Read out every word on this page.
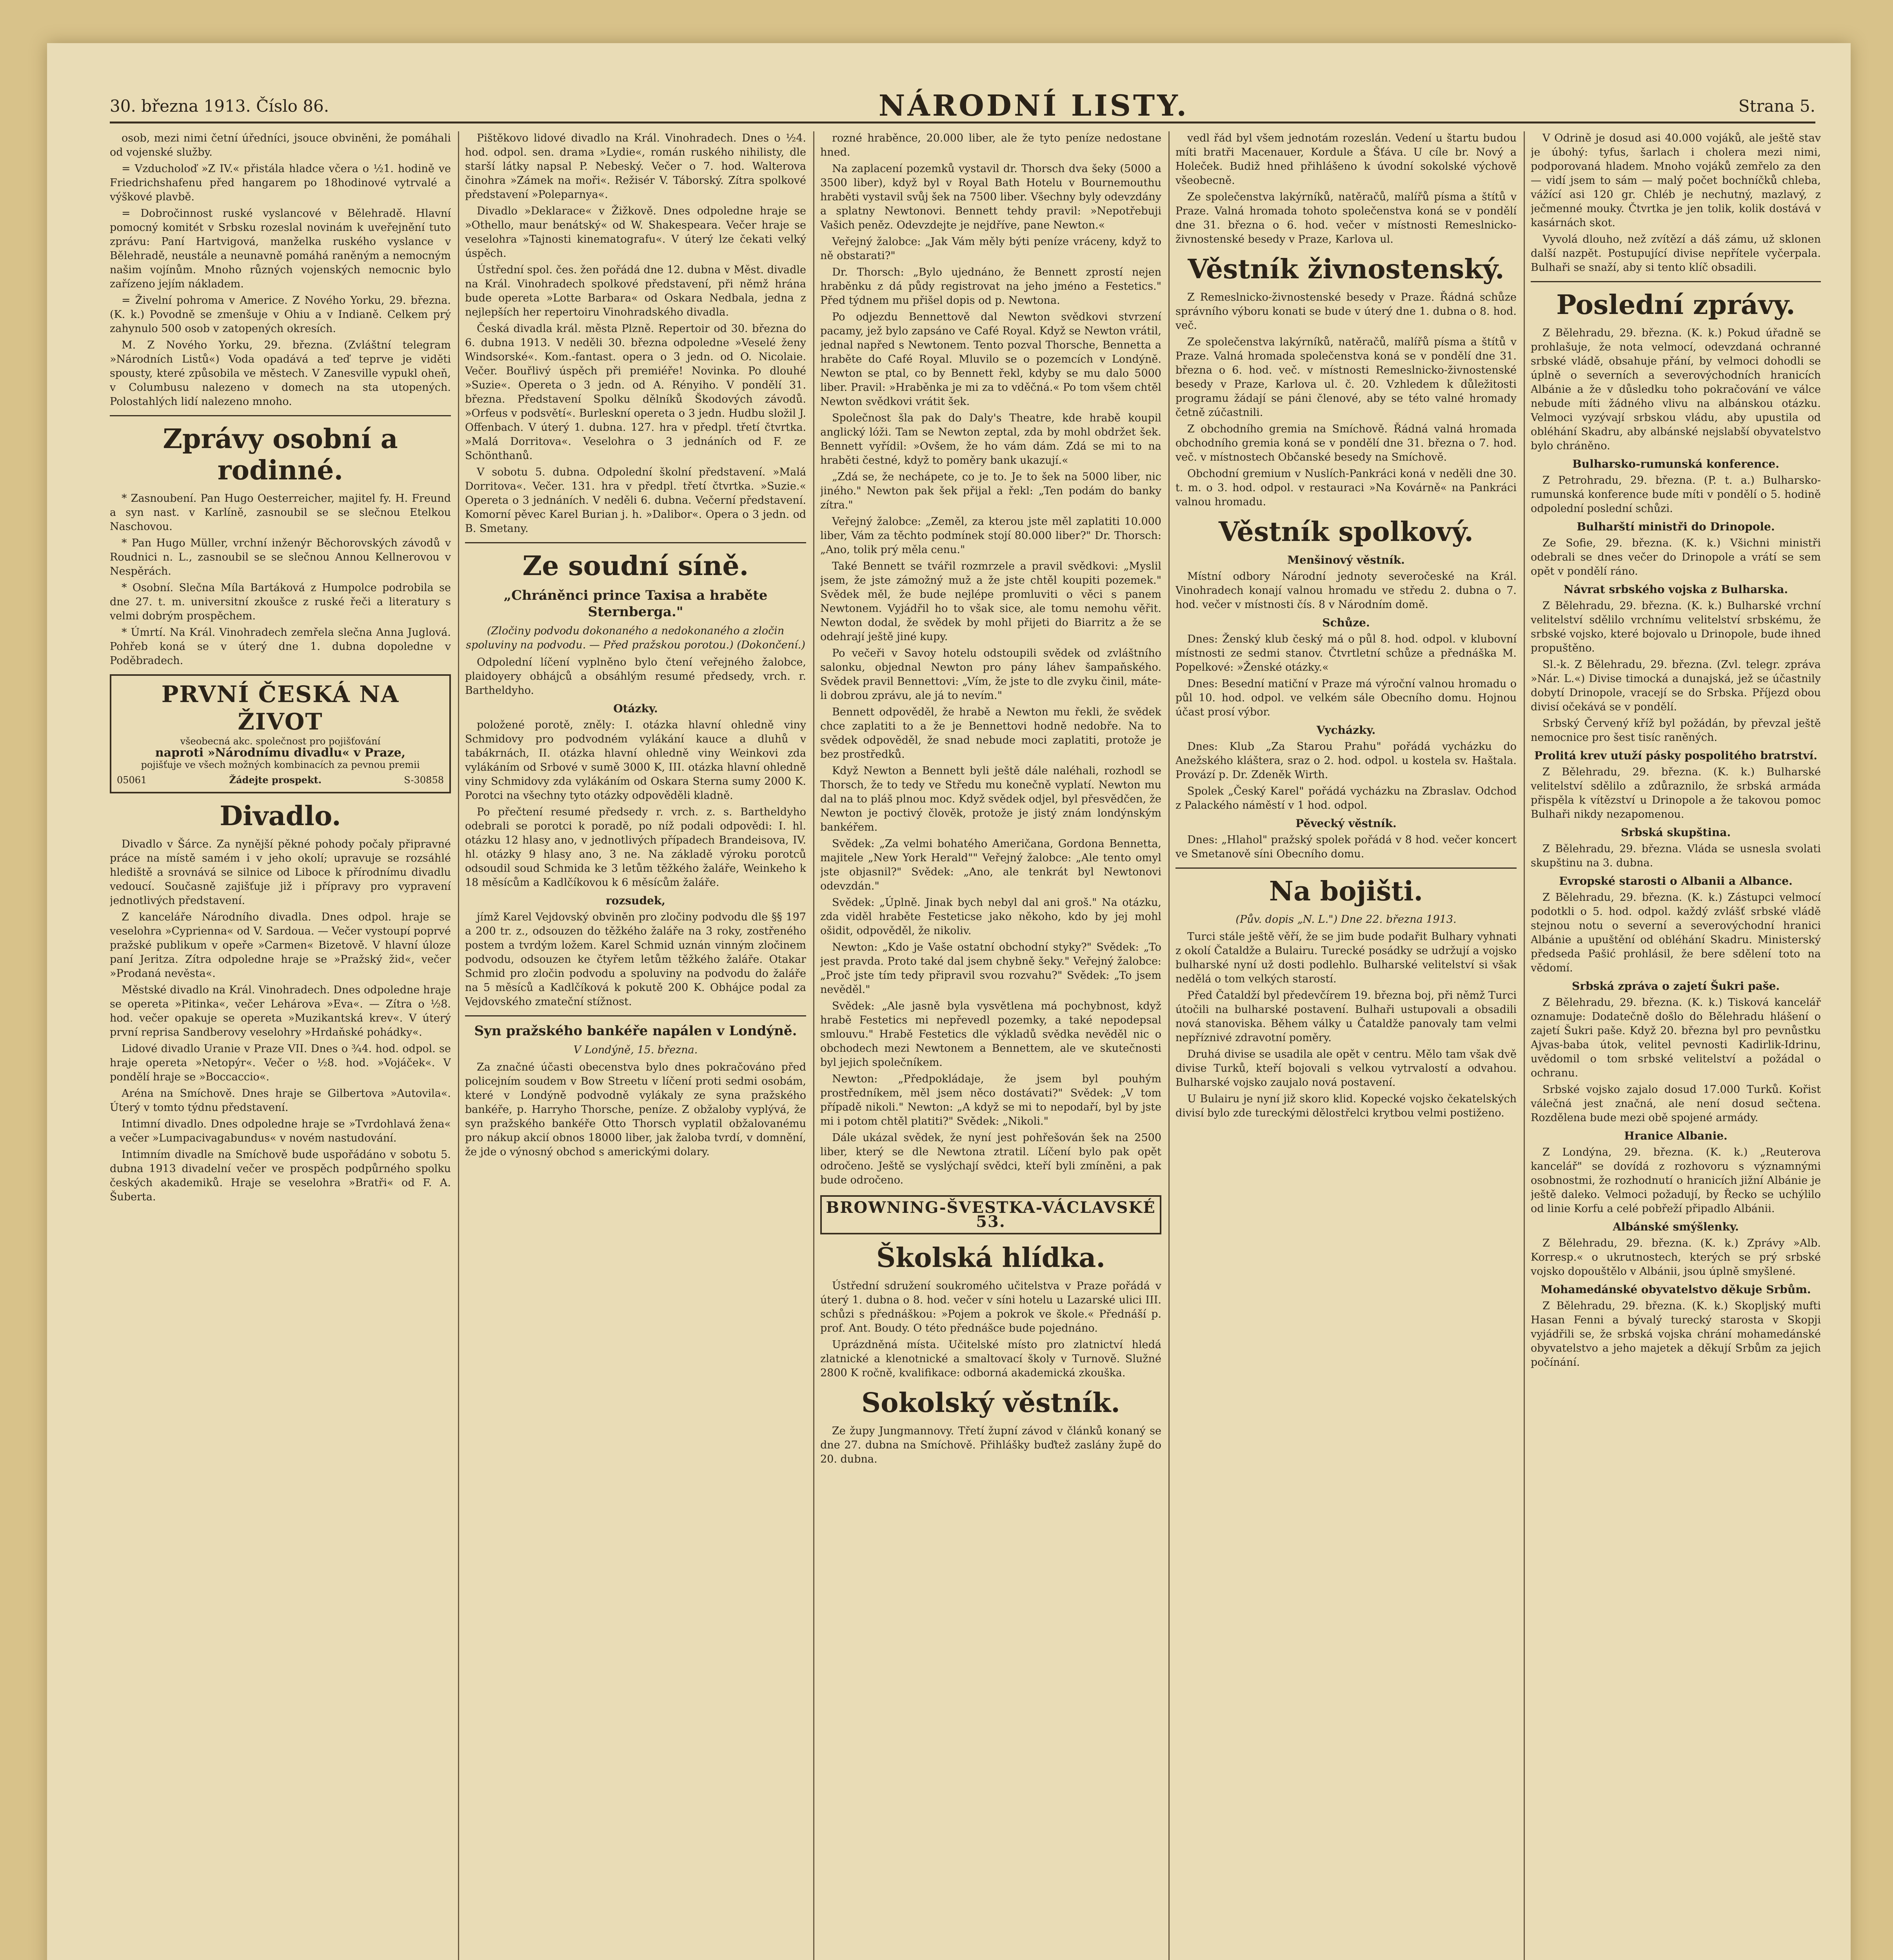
30. března 1913. Číslo 86.	NÁRODNÍ LISTY.	Strana 5.

osob, mezi nimi četní úředníci, jsouce obviněni, že pomáhali od vojenské služby.

= Vzducholoď »Z IV.« přistála hladce včera o ½1. hodině ve Friedrichshafenu před hangarem po 18hodinové vytrvalé a výškové plavbě.

= Dobročinnost ruské vyslancové v Bělehradě. Hlavní pomocný komitét v Srbsku rozeslal novinám k uveřejnění tuto zprávu: Paní Hartvigová, manželka ruského vyslance v Bělehradě, neustále a neunavně pomáhá raněným a nemocným našim vojínům. Mnoho různých vojenských nemocnic bylo zařízeno jejím nákladem.

= Živelní pohroma v Americe. Z Nového Yorku, 29. března. (K. k.) Povodně se zmenšuje v Ohiu a v Indianě. Celkem prý zahynulo 500 osob v zatopených okresích.

M. Z Nového Yorku, 29. března. (Zvláštní telegram »Národních Listů«) Voda opadává a teď teprve je viděti spousty, které způsobila ve městech. V Zanesville vypukl oheň, v Columbusu nalezeno v domech na sta utopených. Polostahlých lidí nalezeno mnoho.

Zprávy osobní a rodinné.

* Zasnoubení. Pan Hugo Oesterreicher, majitel fy. H. Freund a syn nast. v Karlíně, zasnoubil se se slečnou Etelkou Naschovou.

* Pan Hugo Müller, vrchní inženýr Běchorovských závodů v Roudnici n. L., zasnoubil se se slečnou Annou Kellnerovou v Nespěrách.

* Osobní. Slečna Míla Bartáková z Humpolce podrobila se dne 27. t. m. universitní zkoušce z ruské řeči a literatury s velmi dobrým prospěchem.

* Úmrtí. Na Král. Vinohradech zemřela slečna Anna Juglová. Pohřeb koná se v úterý dne 1. dubna dopoledne v Poděbradech.

PRVNÍ ČESKÁ NA ŽIVOT
všeobecná akc. společnost pro pojišťování
naproti »Národnímu divadlu« v Praze,
pojišťuje ve všech možných kombinacích za pevnou premii
05061	Žádejte prospekt.	S-30858
Divadlo.

Divadlo v Šárce. Za nynější pěkné pohody počaly připravné práce na místě samém i v jeho okolí; upravuje se rozsáhlé hlediště a srovnává se silnice od Liboce k přírodnímu divadlu vedoucí. Současně zajišťuje již i přípravy pro vypravení jednotlivých představení.

Z kanceláře Národního divadla. Dnes odpol. hraje se veselohra »Cyprienna« od V. Sardoua. — Večer vystoupí poprvé pražské publikum v opeře »Carmen« Bizetově. V hlavní úloze paní Jeritza. Zítra odpoledne hraje se »Pražský žid«, večer »Prodaná nevěsta«.

Městské divadlo na Král. Vinohradech. Dnes odpoledne hraje se opereta »Pitinka«, večer Lehárova »Eva«. — Zítra o ½8. hod. večer opakuje se opereta »Muzikantská krev«. V úterý první reprisa Sandberovy veselohry »Hrdaňské pohádky«.

Lidové divadlo Uranie v Praze VII. Dnes o ¾4. hod. odpol. se hraje opereta »Netopýr«. Večer o ½8. hod. »Vojáček«. V pondělí hraje se »Boccaccio«.

Aréna na Smíchově. Dnes hraje se Gilbertova »Autovila«. Úterý v tomto týdnu představení.

Intimní divadlo. Dnes odpoledne hraje se »Tvrdohlavá žena« a večer »Lumpacivagabundus« v novém nastudování.

Intimním divadle na Smíchově bude uspořádáno v sobotu 5. dubna 1913 divadelní večer ve prospěch podpůrného spolku českých akademiků. Hraje se veselohra »Bratři« od F. A. Šuberta.

Pištěkovo lidové divadlo na Král. Vinohradech. Dnes o ½4. hod. odpol. sen. drama »Lydie«, román ruského nihilisty, dle starší látky napsal P. Nebeský. Večer o 7. hod. Walterova činohra »Zámek na moři«. Režisér V. Táborský. Zítra spolkové představení »Poleparnya«.

Divadlo »Deklarace« v Žižkově. Dnes odpoledne hraje se »Othello, maur benátský« od W. Shakespeara. Večer hraje se veselohra »Tajnosti kinematografu«. V úterý lze čekati velký úspěch.

Ústřední spol. čes. žen pořádá dne 12. dubna v Měst. divadle na Král. Vinohradech spolkové představení, při němž hrána bude opereta »Lotte Barbara« od Oskara Nedbala, jedna z nejlepších her repertoiru Vinohradského divadla.

Česká divadla král. města Plzně. Repertoir od 30. března do 6. dubna 1913. V neděli 30. března odpoledne »Veselé ženy Windsorské«. Kom.-fantast. opera o 3 jedn. od O. Nicolaie. Večer. Bouřlivý úspěch při premiéře! Novinka. Po dlouhé »Suzie«. Opereta o 3 jedn. od A. Rényiho. V pondělí 31. března. Představení Spolku dělníků Škodových závodů. »Orfeus v podsvětí«. Burleskní opereta o 3 jedn. Hudbu složil J. Offenbach. V úterý 1. dubna. 127. hra v předpl. třetí čtvrtka. »Malá Dorritova«. Veselohra o 3 jednáních od F. ze Schönthanů.

V sobotu 5. dubna. Odpolední školní představení. »Malá Dorritova«. Večer. 131. hra v předpl. třetí čtvrtka. »Suzie.« Opereta o 3 jednáních. V neděli 6. dubna. Večerní představení. Komorní pěvec Karel Burian j. h. »Dalibor«. Opera o 3 jedn. od B. Smetany.

Ze soudní síně.
„Chráněnci prince Taxisa a hraběte Sternberga."
(Zločiny podvodu dokonaného a nedokonaného a zločin spoluviny na podvodu. — Před pražskou porotou.) (Dokončení.)

Odpolední líčení vyplněno bylo čtení veřejného žalobce, plaidoyery obhájců a obsáhlým resumé předsedy, vrch. r. Bartheldyho.

Otázky.

položené porotě, zněly: I. otázka hlavní ohledně viny Schmidovy pro podvodném vylákání kauce a dluhů v tabákrnách, II. otázka hlavní ohledně viny Weinkovi zda vylákáním od Srbové v sumě 3000 K, III. otázka hlavní ohledně viny Schmidovy zda vylákáním od Oskara Sterna sumy 2000 K. Porotci na všechny tyto otázky odpověděli kladně.

Po přečtení resumé předsedy r. vrch. z. s. Bartheldyho odebrali se porotci k poradě, po níž podali odpovědi: I. hl. otázku 12 hlasy ano, v jednotlivých případech Brandeisova, IV. hl. otázky 9 hlasy ano, 3 ne. Na základě výroku porotců odsoudil soud Schmida ke 3 letům těžkého žaláře, Weinkeho k 18 měsícům a Kadlčíkovou k 6 měsícům žaláře.

rozsudek,

jímž Karel Vejdovský obviněn pro zločiny podvodu dle §§ 197 a 200 tr. z., odsouzen do těžkého žaláře na 3 roky, zostřeného postem a tvrdým ložem. Karel Schmid uznán vinným zločinem podvodu, odsouzen ke čtyřem letům těžkého žaláře. Otakar Schmid pro zločin podvodu a spoluviny na podvodu do žaláře na 5 měsíců a Kadlčíková k pokutě 200 K. Obhájce podal za Vejdovského zmateční stížnost.

Syn pražského bankéře napálen v Londýně.
V Londýně, 15. března.

Za značné účasti obecenstva bylo dnes pokračováno před policejním soudem v Bow Streetu v líčení proti sedmi osobám, které v Londýně podvodně vylákaly ze syna pražského bankéře, p. Harryho Thorsche, peníze. Z obžaloby vyplývá, že syn pražského bankéře Otto Thorsch vyplatil obžalovanému pro nákup akcií obnos 18000 liber, jak žaloba tvrdí, v domnění, že jde o výnosný obchod s americkými dolary.

rozné hraběnce, 20.000 liber, ale že tyto peníze nedostane hned.

Na zaplacení pozemků vystavil dr. Thorsch dva šeky (5000 a 3500 liber), když byl v Royal Bath Hotelu v Bournemouthu hraběti vystavil svůj šek na 7500 liber. Všechny byly odevzdány a splatny Newtonovi. Bennett tehdy pravil: »Nepotřebuji Vašich peněz. Odevzdejte je nejdříve, pane Newton.«

Veřejný žalobce: „Jak Vám měly býti peníze vráceny, když to ně obstarati?"

Dr. Thorsch: „Bylo ujednáno, že Bennett zprostí nejen hraběnku z dá půdy registrovat na jeho jméno a Festetics." Před týdnem mu přišel dopis od p. Newtona.

Po odjezdu Bennettově dal Newton svědkovi stvrzení pacamy, jež bylo zapsáno ve Café Royal. Když se Newton vrátil, jednal napřed s Newtonem. Tento pozval Thorsche, Bennetta a hraběte do Café Royal. Mluvilo se o pozemcích v Londýně. Newton se ptal, co by Bennett řekl, kdyby se mu dalo 5000 liber. Pravil: »Hraběnka je mi za to vděčná.« Po tom všem chtěl Newton svědkovi vrátit šek.

Společnost šla pak do Daly's Theatre, kde hrabě koupil anglický lóži. Tam se Newton zeptal, zda by mohl obdržet šek. Bennett vyřídil: »Ovšem, že ho vám dám. Zdá se mi to na hraběti čestné, když to poměry bank ukazují.«

„Zdá se, že nechápete, co je to. Je to šek na 5000 liber, nic jiného." Newton pak šek přijal a řekl: „Ten podám do banky zítra."

Veřejný žalobce: „Zeměl, za kterou jste měl zaplatiti 10.000 liber, Vám za těchto podmínek stojí 80.000 liber?" Dr. Thorsch: „Ano, tolik prý měla cenu."

Také Bennett se tvářil rozmrzele a pravil svědkovi: „Myslil jsem, že jste zámožný muž a že jste chtěl koupiti pozemek." Svědek měl, že bude nejlépe promluviti o věci s panem Newtonem. Vyjádřil ho to však sice, ale tomu nemohu věřit. Newton dodal, že svědek by mohl přijeti do Biarritz a že se odehrají ještě jiné kupy.

Po večeři v Savoy hotelu odstoupili svědek od zvláštního salonku, objednal Newton pro pány láhev šampaňského. Svědek pravil Bennettovi: „Vím, že jste to dle zvyku činil, máte-li dobrou zprávu, ale já to nevím."

Bennett odpověděl, že hrabě a Newton mu řekli, že svědek chce zaplatiti to a že je Bennettovi hodně nedobře. Na to svědek odpověděl, že snad nebude moci zaplatiti, protože je bez prostředků.

Když Newton a Bennett byli ještě dále naléhali, rozhodl se Thorsch, že to tedy ve Středu mu konečně vyplatí. Newton mu dal na to pláš plnou moc. Když svědek odjel, byl přesvědčen, že Newton je poctivý člověk, protože je jistý znám londýnským bankéřem.

Svědek: „Za velmi bohatého Američana, Gordona Bennetta, majitele „New York Herald"" Veřejný žalobce: „Ale tento omyl jste objasnil?" Svědek: „Ano, ale tenkrát byl Newtonovi odevzdán."

Svědek: „Úplně. Jinak bych nebyl dal ani groš." Na otázku, zda viděl hraběte Festeticse jako někoho, kdo by jej mohl ošidit, odpověděl, že nikoliv.

Newton: „Kdo je Vaše ostatní obchodní styky?" Svědek: „To jest pravda. Proto také dal jsem chybně šeky." Veřejný žalobce: „Proč jste tím tedy připravil svou rozvahu?" Svědek: „To jsem nevěděl."

Svědek: „Ale jasně byla vysvětlena má pochybnost, když hrabě Festetics mi nepřevedl pozemky, a také nepodepsal smlouvu." Hrabě Festetics dle výkladů svědka nevěděl nic o obchodech mezi Newtonem a Bennettem, ale ve skutečnosti byl jejich společníkem.

Newton: „Předpokládaje, že jsem byl pouhým prostředníkem, měl jsem něco dostávati?" Svědek: „V tom případě nikoli." Newton: „A když se mi to nepodaří, byl by jste mi i potom chtěl platiti?" Svědek: „Nikoli."

Dále ukázal svědek, že nyní jest pohřešován šek na 2500 liber, který se dle Newtona ztratil. Líčení bylo pak opět odročeno. Ještě se vyslýchají svědci, kteří byli zmíněni, a pak bude odročeno.

BROWNING-ŠVESTKA-VÁCLAVSKÉ 53.
Školská hlídka.

Ústřední sdružení soukromého učitelstva v Praze pořádá v úterý 1. dubna o 8. hod. večer v síni hotelu u Lazarské ulici III. schůzi s přednáškou: »Pojem a pokrok ve škole.« Přednáší p. prof. Ant. Boudy. O této přednášce bude pojednáno.

Uprázdněná místa. Učitelské místo pro zlatnictví hledá zlatnické a klenotnické a smaltovací školy v Turnově. Služné 2800 K ročně, kvalifikace: odborná akademická zkouška.

Sokolský věstník.

Ze župy Jungmannovy. Třetí župní závod v článků konaný se dne 27. dubna na Smíchově. Přihlášky buďtež zaslány župě do 20. dubna.

vedl řád byl všem jednotám rozeslán. Vedení u štartu budou míti bratři Macenauer, Kordule a Šťáva. U cíle br. Nový a Holeček. Budiž hned přihlášeno k úvodní sokolské výchově všeobecně.

Ze společenstva lakýrníků, natěračů, malířů písma a štítů v Praze. Valná hromada tohoto společenstva koná se v pondělí dne 31. března o 6. hod. večer v místnosti Remeslnicko-živnostenské besedy v Praze, Karlova ul.

Věstník živnostenský.

Z Remeslnicko-živnostenské besedy v Praze. Řádná schůze správního výboru konati se bude v úterý dne 1. dubna o 8. hod. več.

Ze společenstva lakýrníků, natěračů, malířů písma a štítů v Praze. Valná hromada společenstva koná se v pondělí dne 31. března o 6. hod. več. v místnosti Remeslnicko-živnostenské besedy v Praze, Karlova ul. č. 20. Vzhledem k důležitosti programu žádají se páni členové, aby se této valné hromady četně zúčastnili.

Z obchodního gremia na Smíchově. Řádná valná hromada obchodního gremia koná se v pondělí dne 31. března o 7. hod. več. v místnostech Občanské besedy na Smíchově.

Obchodní gremium v Nuslích-Pankráci koná v neděli dne 30. t. m. o 3. hod. odpol. v restauraci »Na Kovárně« na Pankráci valnou hromadu.

Věstník spolkový.
Menšinový věstník.

Místní odbory Národní jednoty severočeské na Král. Vinohradech konají valnou hromadu ve středu 2. dubna o 7. hod. večer v místnosti čís. 8 v Národním domě.

Schůze.

Dnes: Ženský klub český má o půl 8. hod. odpol. v klubovní místnosti ze sedmi stanov. Čtvrtletní schůze a přednáška M. Popelkové: »Ženské otázky.«

Dnes: Besední matiční v Praze má výroční valnou hromadu o půl 10. hod. odpol. ve velkém sále Obecního domu. Hojnou účast prosí výbor.

Vycházky.

Dnes: Klub „Za Starou Prahu" pořádá vycházku do Anežského kláštera, sraz o 2. hod. odpol. u kostela sv. Haštala. Provází p. Dr. Zdeněk Wirth.

Spolek „Český Karel" pořádá vycházku na Zbraslav. Odchod z Palackého náměstí v 1 hod. odpol.

Pěvecký věstník.

Dnes: „Hlahol" pražský spolek pořádá v 8 hod. večer koncert ve Smetanově síni Obecního domu.

Na bojišti.
(Pův. dopis „N. L.") Dne 22. března 1913.

Turci stále ještě věří, že se jim bude podařit Bulhary vyhnati z okolí Čataldže a Bulairu. Turecké posádky se udržují a vojsko bulharské nyní už dosti podlehlo. Bulharské velitelství si však nedělá o tom velkých starostí.

Před Čataldží byl předevčírem 19. března boj, při němž Turci útočili na bulharské postavení. Bulhaři ustupovali a obsadili nová stanoviska. Během války u Čataldže panovaly tam velmi nepříznivé zdravotní poměry.

Druhá divise se usadila ale opět v centru. Mělo tam však dvě divise Turků, kteří bojovali s velkou vytrvalostí a odvahou. Bulharské vojsko zaujalo nová postavení.

U Bulairu je nyní již skoro klid. Kopecké vojsko čekatelských divisí bylo zde tureckými dělostřelci krytbou velmi postiženo.

V Odrině je dosud asi 40.000 vojáků, ale ještě stav je úbohý: tyfus, šarlach i cholera mezi nimi, podporovaná hladem. Mnoho vojáků zemřelo za den — vidí jsem to sám — malý počet bochníčků chleba, vážící asi 120 gr. Chléb je nechutný, mazlavý, z ječmenné mouky. Čtvrtka je jen tolik, kolik dostává v kasárnách skot.

Vyvolá dlouho, než zvítězí a dáš zámu, už sklonen další nazpět. Postupující divise nepřítele vyčerpala. Bulhaři se snaží, aby si tento klíč obsadili.

Poslední zprávy.

Z Bělehradu, 29. března. (K. k.) Pokud úřadně se prohlašuje, že nota velmocí, odevzdaná ochranné srbské vládě, obsahuje přání, by velmoci dohodli se úplně o severních a severovýchodních hranicích Albánie a že v důsledku toho pokračování ve válce nebude míti žádného vlivu na albánskou otázku. Velmoci vyzývají srbskou vládu, aby upustila od obléhání Skadru, aby albánské nejslabší obyvatelstvo bylo chráněno.

Bulharsko-rumunská konference.

Z Petrohradu, 29. března. (P. t. a.) Bulharsko-rumunská konference bude míti v pondělí o 5. hodině odpolední poslední schůzi.

Bulharští ministři do Drinopole.

Ze Sofie, 29. března. (K. k.) Všichni ministři odebrali se dnes večer do Drinopole a vrátí se sem opět v pondělí ráno.

Návrat srbského vojska z Bulharska.

Z Bělehradu, 29. března. (K. k.) Bulharské vrchní velitelství sdělilo vrchnímu velitelství srbskému, že srbské vojsko, které bojovalo u Drinopole, bude ihned propuštěno.

Sl.-k. Z Bělehradu, 29. března. (Zvl. telegr. zpráva »Nár. L.«) Divise timocká a dunajská, jež se účastnily dobytí Drinopole, vracejí se do Srbska. Příjezd obou divisí očekává se v pondělí.

Srbský Červený kříž byl požádán, by převzal ještě nemocnice pro šest tisíc raněných.

Prolitá krev utuží pásky pospolitého bratrství.

Z Bělehradu, 29. března. (K. k.) Bulharské velitelství sdělilo a zdůraznilo, že srbská armáda přispěla k vítězství u Drinopole a že takovou pomoc Bulhaři nikdy nezapomenou.

Srbská skupština.

Z Bělehradu, 29. března. Vláda se usnesla svolati skupštinu na 3. dubna.

Evropské starosti o Albanii a Albance.

Z Bělehradu, 29. března. (K. k.) Zástupci velmocí podotkli o 5. hod. odpol. každý zvlášť srbské vládě stejnou notu o severní a severovýchodní hranici Albánie a upuštění od obléhání Skadru. Ministerský předseda Pašić prohlásil, že bere sdělení toto na vědomí.

Srbská zpráva o zajetí Šukri paše.

Z Bělehradu, 29. března. (K. k.) Tisková kancelář oznamuje: Dodatečně došlo do Bělehradu hlášení o zajetí Šukri paše. Když 20. března byl pro pevnůstku Ajvas-baba útok, velitel pevnosti Kadirlik-Idrinu, uvědomil o tom srbské velitelství a požádal o ochranu.

Srbské vojsko zajalo dosud 17.000 Turků. Kořist válečná jest značná, ale není dosud sečtena. Rozdělena bude mezi obě spojené armády.

Hranice Albanie.

Z Londýna, 29. března. (K. k.) „Reuterova kancelář" se dovídá z rozhovoru s významnými osobnostmi, že rozhodnutí o hranicích jižní Albánie je ještě daleko. Velmoci požadují, by Řecko se uchýlilo od linie Korfu a celé pobřeží připadlo Albánii.

Albánské smýšlenky.

Z Bělehradu, 29. března. (K. k.) Zprávy »Alb. Korresp.« o ukrutnostech, kterých se prý srbské vojsko dopouštělo v Albánii, jsou úplně smyšlené.

Mohamedánské obyvatelstvo děkuje Srbům.

Z Bělehradu, 29. března. (K. k.) Skopljský mufti Hasan Fenni a bývalý turecký starosta v Skopji vyjádřili se, že srbská vojska chrání mohamedánské obyvatelstvo a jeho majetek a děkují Srbům za jejich počínání.
